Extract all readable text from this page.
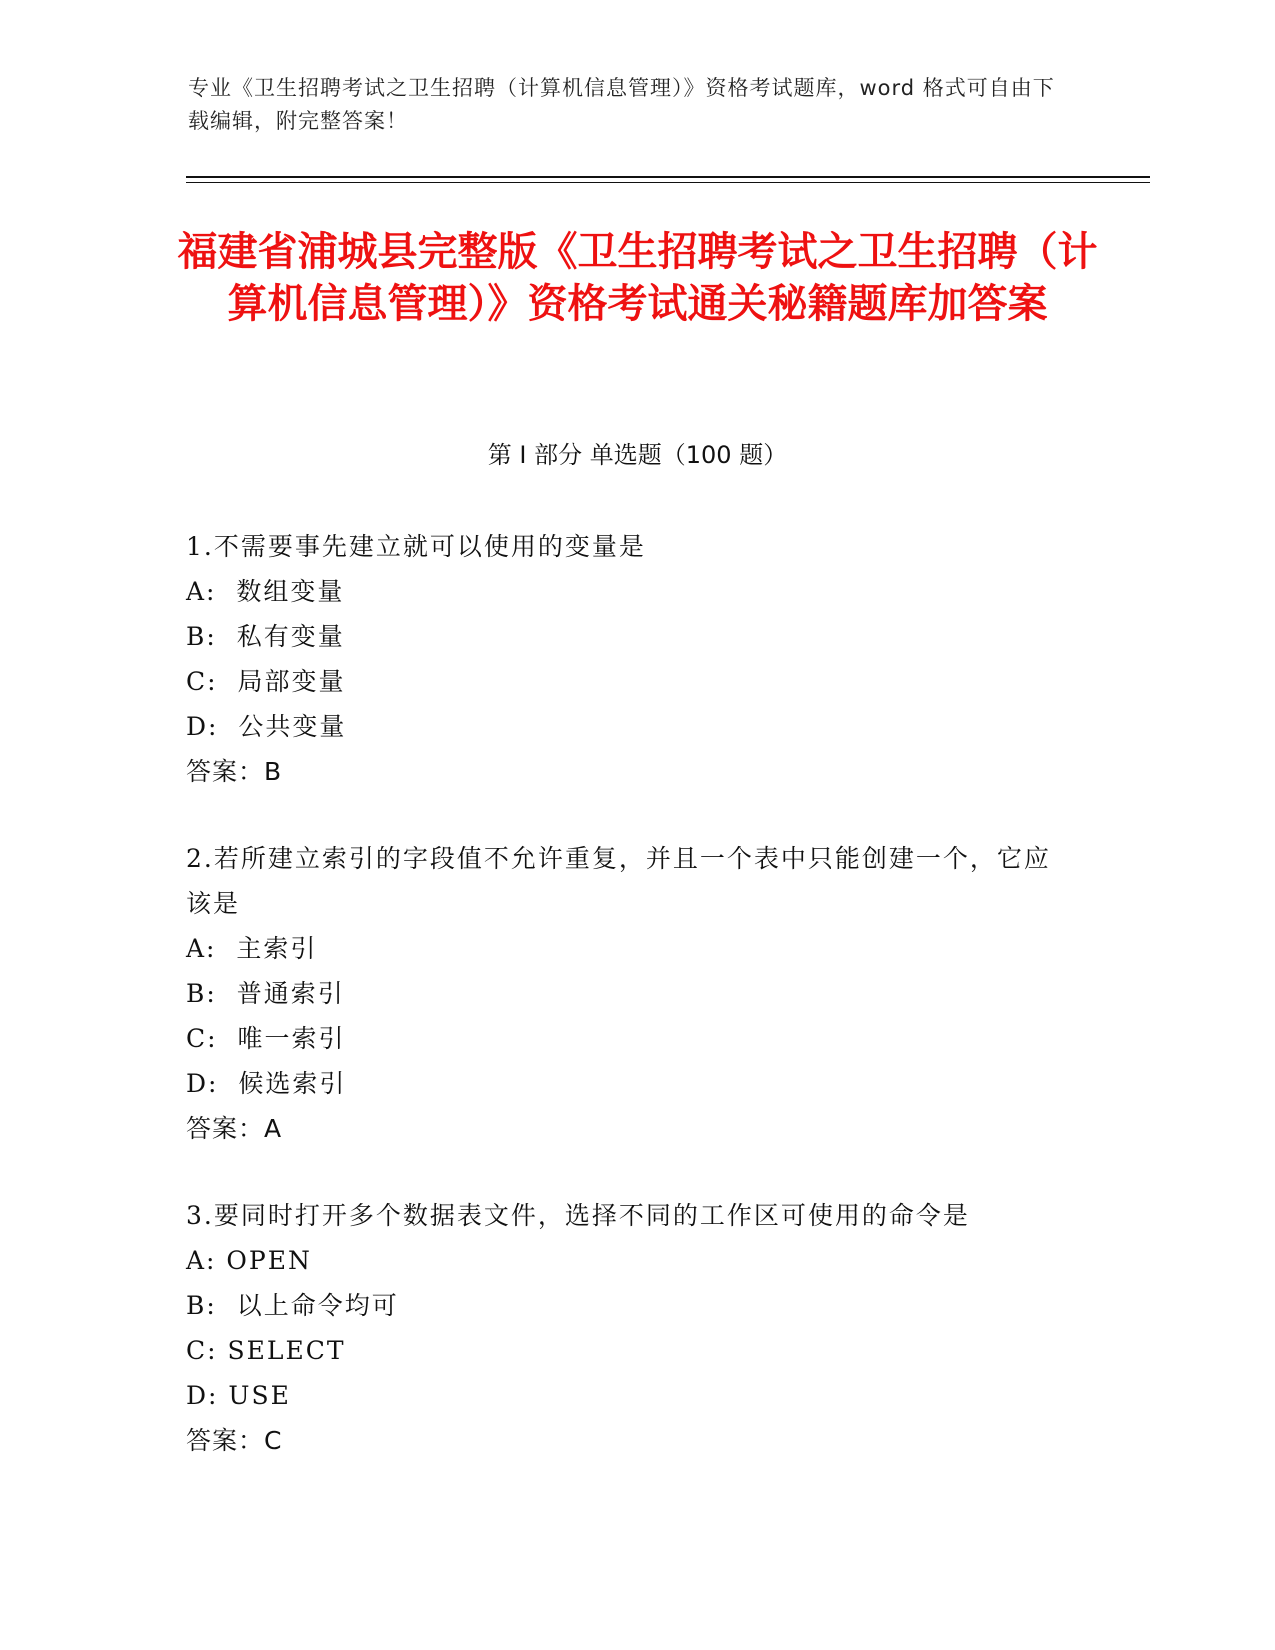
专业《卫生招聘考试之卫生招聘（计算机信息管理）》资格考试题库，word 格式可自由下载编辑，附完整答案！
福建省浦城县完整版《卫生招聘考试之卫生招聘（计算机信息管理）》资格考试通关秘籍题库加答案
第 I 部分 单选题（100 题）
1.不需要事先建立就可以使用的变量是
A:  数组变量
B:  私有变量
C:  局部变量
D:  公共变量
答案：B
2.若所建立索引的字段值不允许重复，并且一个表中只能创建一个，它应该是
A:  主索引
B:  普通索引
C:  唯一索引
D:  候选索引
答案：A
3.要同时打开多个数据表文件，选择不同的工作区可使用的命令是
A: OPEN
B:  以上命令均可
C: SELECT
D: USE
答案：C
